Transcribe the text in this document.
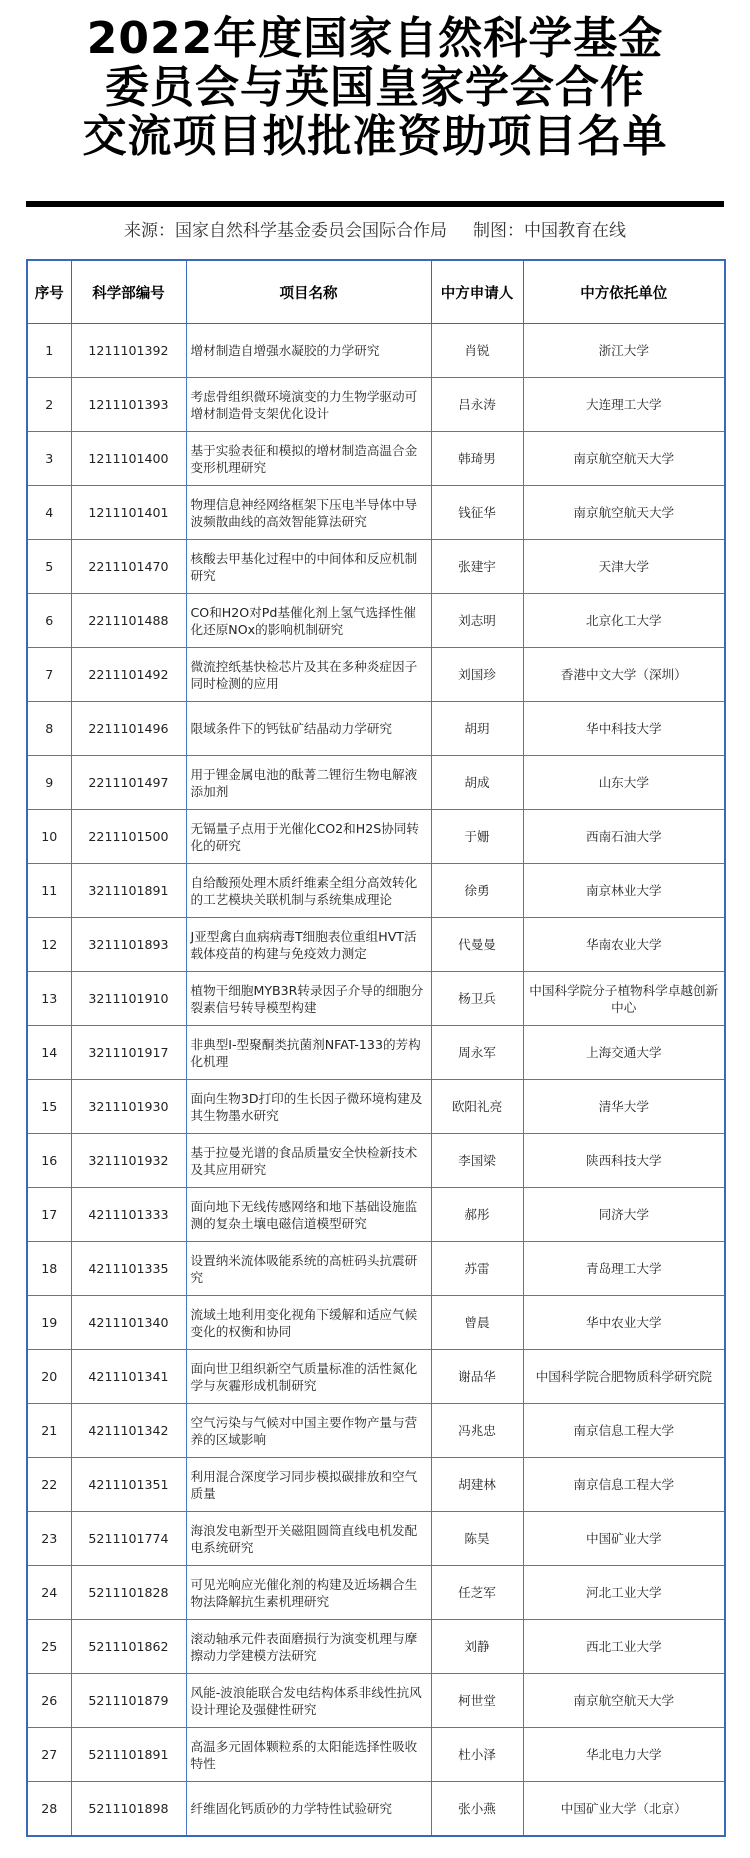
2022年度国家自然科学基金
委员会与英国皇家学会合作
交流项目拟批准资助项目名单
来源：国家自然科学基金委员会国际合作局 制图：中国教育在线
序号	科学部编号	项目名称	中方申请人	中方依托单位
1	1211101392	增材制造自增强水凝胶的力学研究	肖锐	浙江大学
2	1211101393	考虑骨组织微环境演变的力生物学驱动可增材制造骨支架优化设计	吕永涛	大连理工大学
3	1211101400	基于实验表征和模拟的增材制造高温合金变形机理研究	韩琦男	南京航空航天大学
4	1211101401	物理信息神经网络框架下压电半导体中导波频散曲线的高效智能算法研究	钱征华	南京航空航天大学
5	2211101470	核酸去甲基化过程中的中间体和反应机制研究	张建宇	天津大学
6	2211101488	CO和H2O对Pd基催化剂上氢气选择性催化还原NOx的影响机制研究	刘志明	北京化工大学
7	2211101492	微流控纸基快检芯片及其在多种炎症因子同时检测的应用	刘国珍	香港中文大学（深圳）
8	2211101496	限域条件下的钙钛矿结晶动力学研究	胡玥	华中科技大学
9	2211101497	用于锂金属电池的酞菁二锂衍生物电解液添加剂	胡成	山东大学
10	2211101500	无镉量子点用于光催化CO2和H2S协同转化的研究	于姗	西南石油大学
11	3211101891	自给酸预处理木质纤维素全组分高效转化的工艺模块关联机制与系统集成理论	徐勇	南京林业大学
12	3211101893	J亚型禽白血病病毒T细胞表位重组HVT活载体疫苗的构建与免疫效力测定	代曼曼	华南农业大学
13	3211101910	植物干细胞MYB3R转录因子介导的细胞分裂素信号转导模型构建	杨卫兵	中国科学院分子植物科学卓越创新中心
14	3211101917	非典型I-型聚酮类抗菌剂NFAT-133的芳构化机理	周永军	上海交通大学
15	3211101930	面向生物3D打印的生长因子微环境构建及其生物墨水研究	欧阳礼亮	清华大学
16	3211101932	基于拉曼光谱的食品质量安全快检新技术及其应用研究	李国梁	陕西科技大学
17	4211101333	面向地下无线传感网络和地下基础设施监测的复杂土壤电磁信道模型研究	郝彤	同济大学
18	4211101335	设置纳米流体吸能系统的高桩码头抗震研究	苏雷	青岛理工大学
19	4211101340	流域土地利用变化视角下缓解和适应气候变化的权衡和协同	曾晨	华中农业大学
20	4211101341	面向世卫组织新空气质量标准的活性氮化学与灰霾形成机制研究	谢品华	中国科学院合肥物质科学研究院
21	4211101342	空气污染与气候对中国主要作物产量与营养的区域影响	冯兆忠	南京信息工程大学
22	4211101351	利用混合深度学习同步模拟碳排放和空气质量	胡建林	南京信息工程大学
23	5211101774	海浪发电新型开关磁阻圆筒直线电机发配电系统研究	陈昊	中国矿业大学
24	5211101828	可见光响应光催化剂的构建及近场耦合生物法降解抗生素机理研究	任芝军	河北工业大学
25	5211101862	滚动轴承元件表面磨损行为演变机理与摩擦动力学建模方法研究	刘静	西北工业大学
26	5211101879	风能-波浪能联合发电结构体系非线性抗风设计理论及强健性研究	柯世堂	南京航空航天大学
27	5211101891	高温多元固体颗粒系的太阳能选择性吸收特性	杜小泽	华北电力大学
28	5211101898	纤维固化钙质砂的力学特性试验研究	张小燕	中国矿业大学（北京）
